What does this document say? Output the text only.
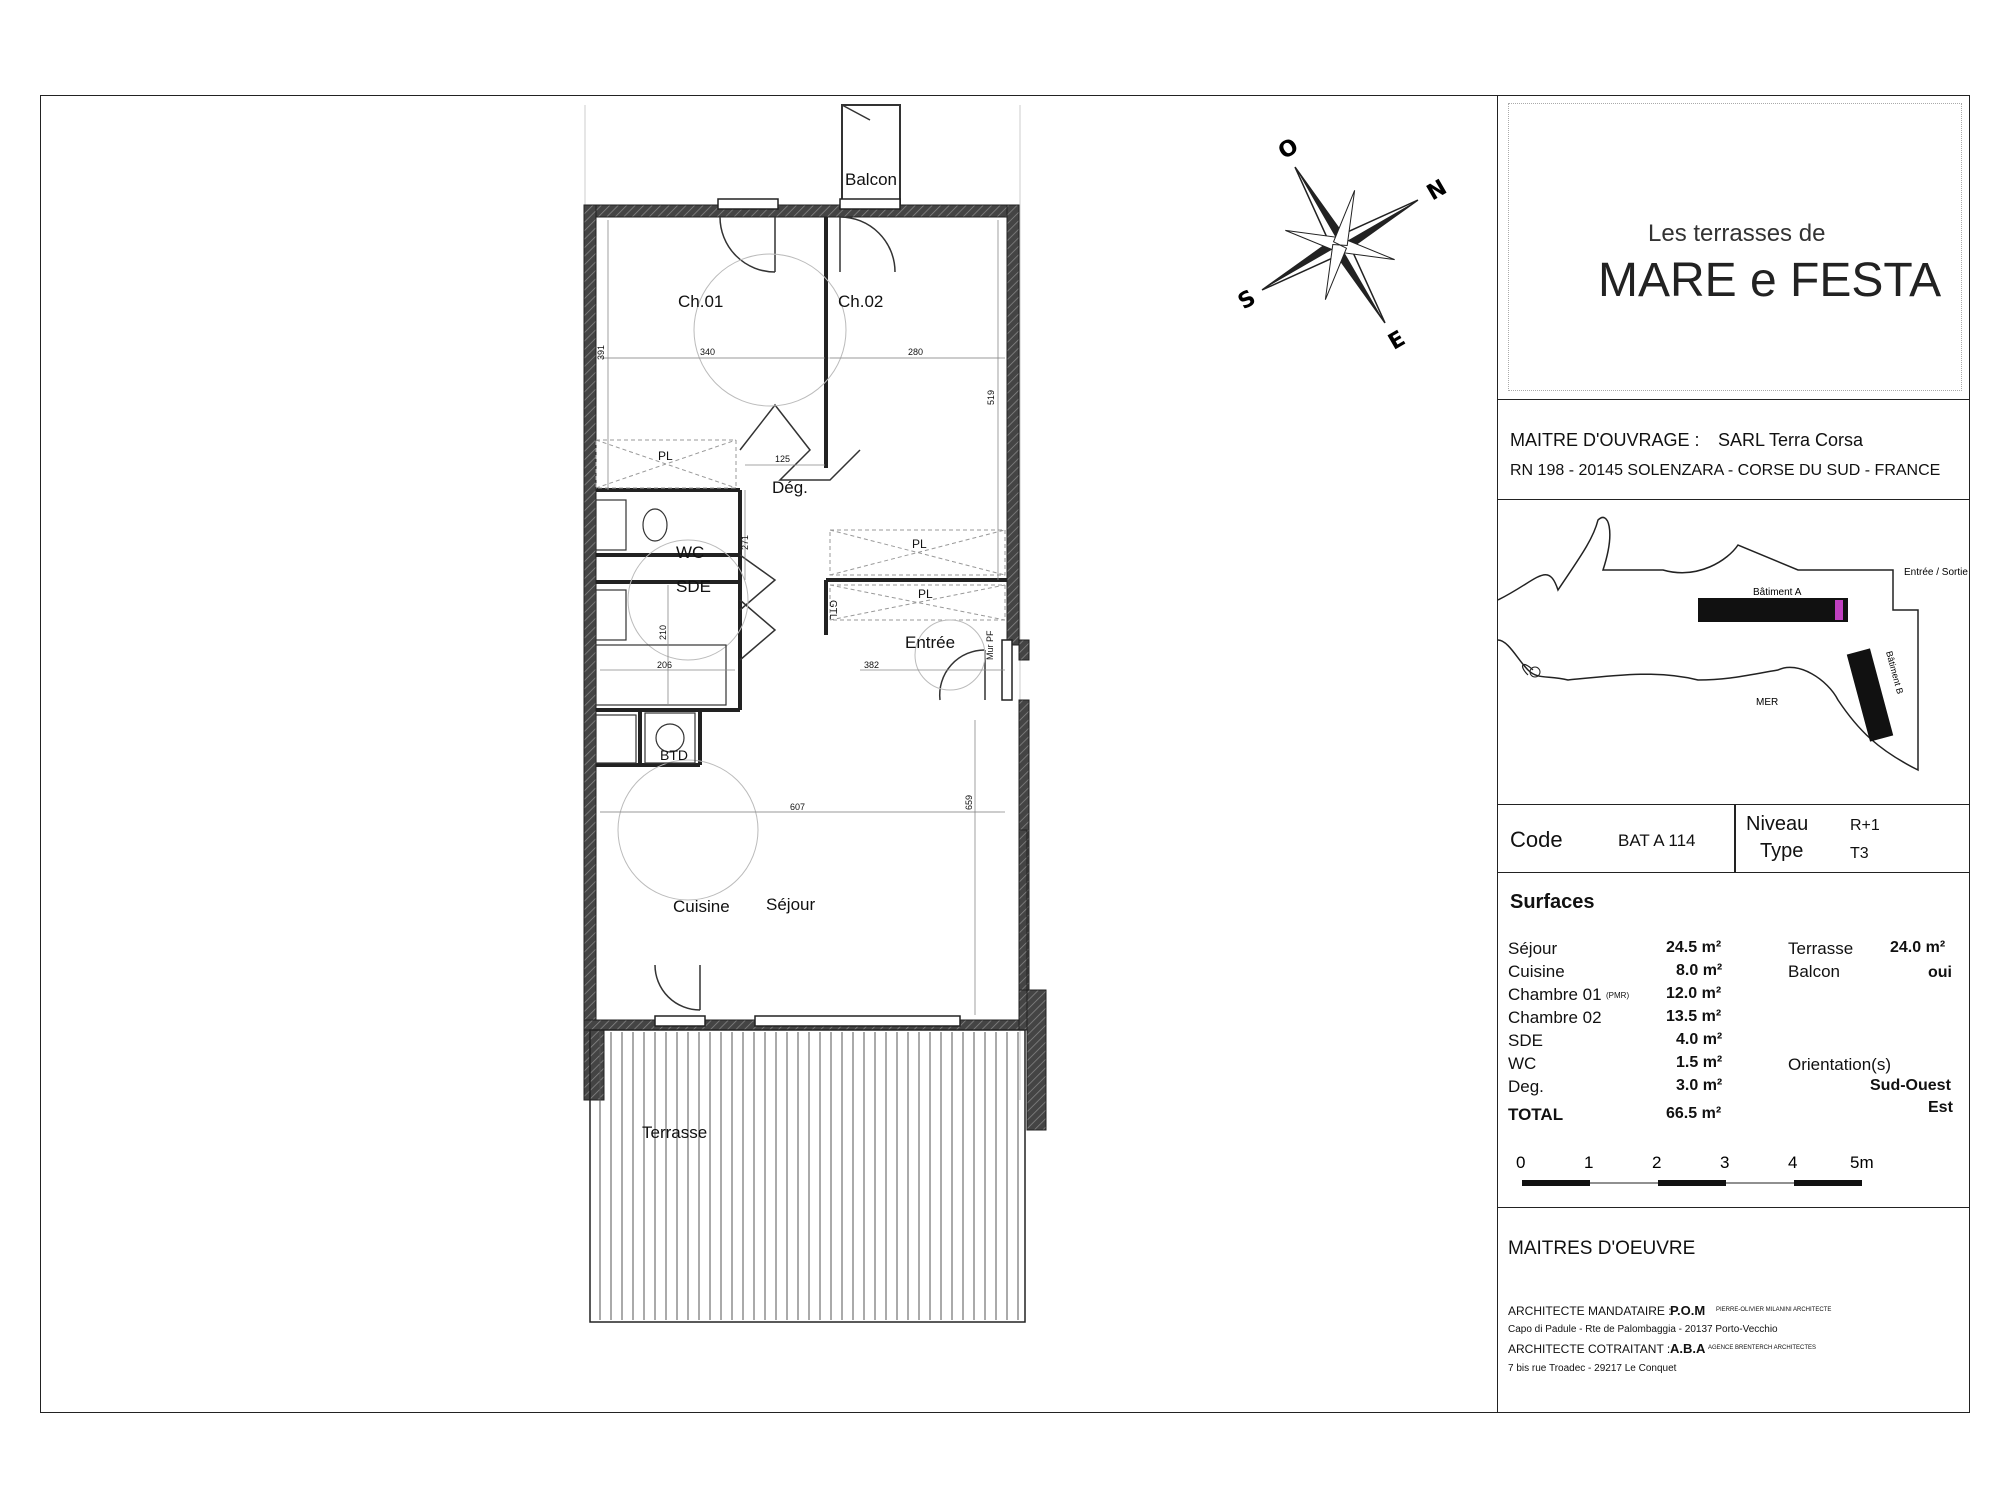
Balcon
Ch.01	Ch.02
Dég.
WC
SDE
Entrée
BTD
Cuisine Séjour
Terrasse
PL
PL
PL
GTL
Mur PF
340
391	280
519
125
271
210
206	382
607	659
O
E
S
N
Les terrasses de
MARE e FESTA
MAITRE D'OUVRAGE : SARL Terra Corsa
RN 198 - 20145 SOLENZARA - CORSE DU SUD - FRANCE
Bâtiment A
Bâtiment B
Entrée / Sortie
MER
Code	BAT A 114
Niveau	R+1
Type	T3
Surfaces
Séjour	24.5 m²
Cuisine	8.0 m²
Chambre 01 (PMR) 12.0 m²
Chambre 02	13.5 m²
SDE	4.0 m²
WC	1.5 m²
Deg.	3.0 m²
TOTAL	66.5 m²
Terrasse 24.0 m²
Balcon	oui
Orientation(s)
Sud-Ouest
Est
0	1	2	3	4	5m
MAITRES D'OEUVRE
ARCHITECTE MANDATAIRE :
P.O.M PIERRE-OLIVIER MILANINI ARCHITECTE
Capo di Padule - Rte de Palombaggia - 20137 Porto-Vecchio
ARCHITECTE COTRAITANT : A.B.A AGENCE BRENTERCH ARCHITECTES
7 bis rue Troadec - 29217 Le Conquet
